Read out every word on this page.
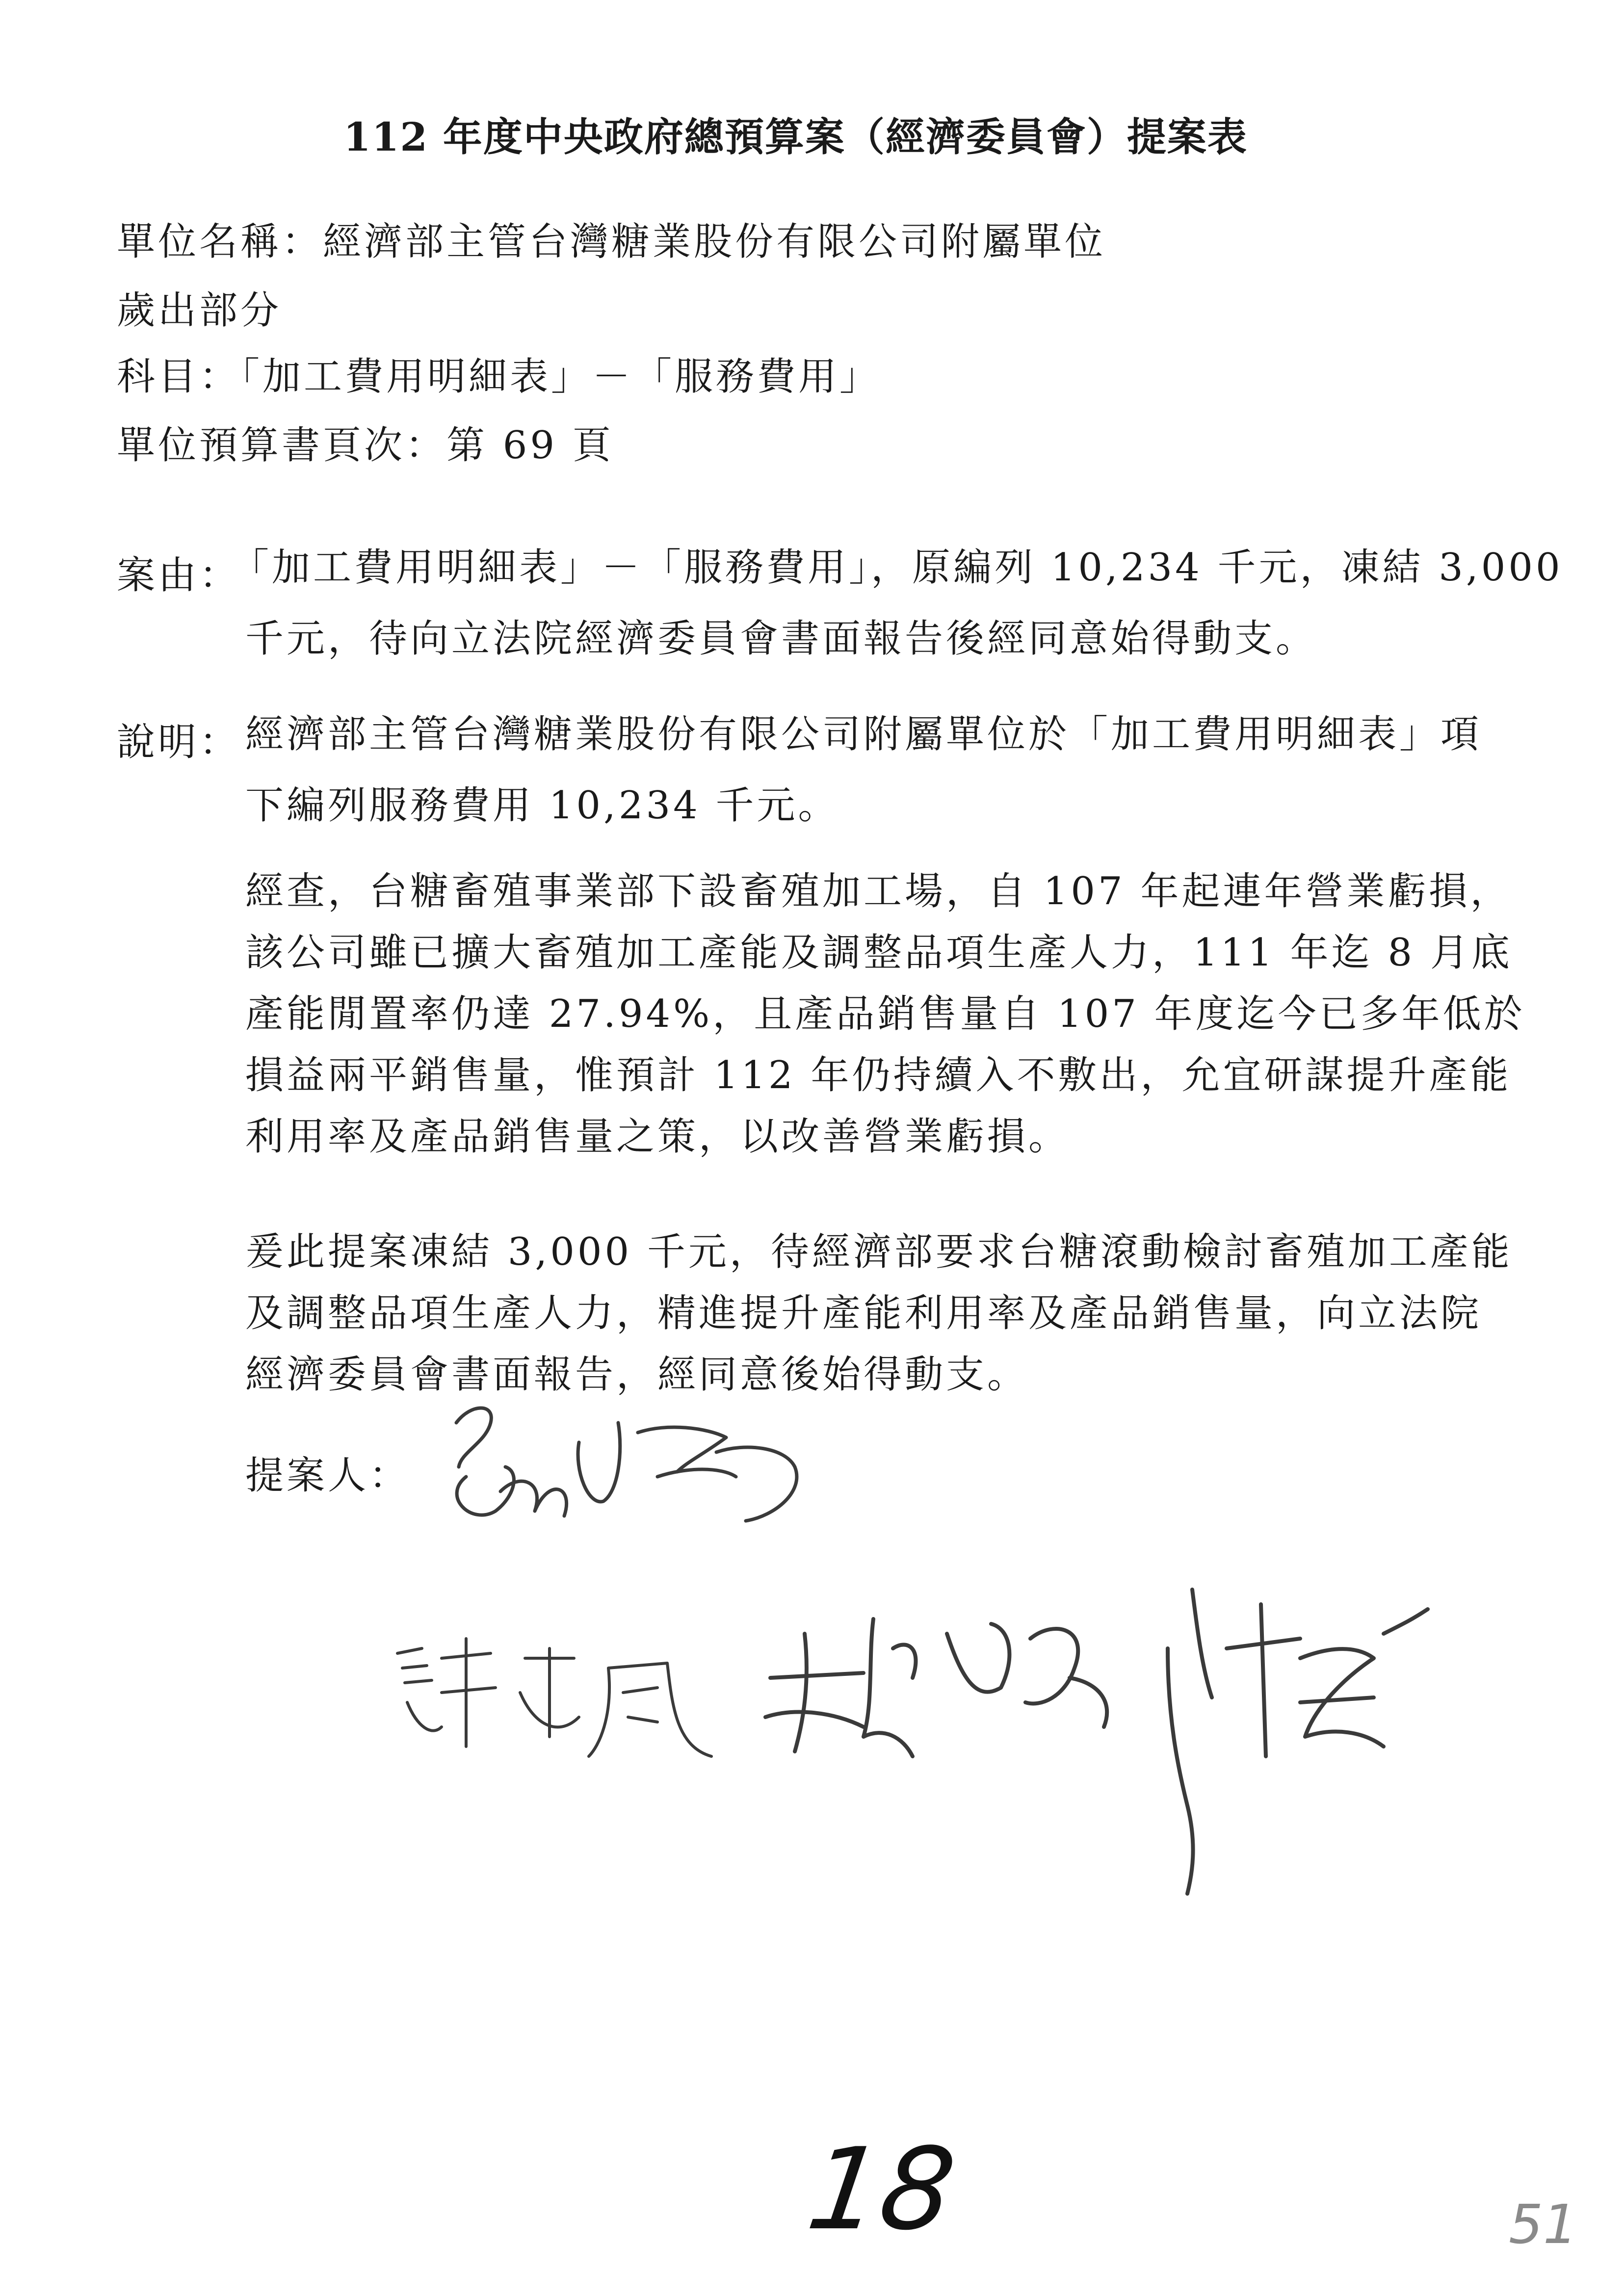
112 年度中央政府總預算案（經濟委員會）提案表
單位名稱：經濟部主管台灣糖業股份有限公司附屬單位
歲出部分
科目：「加工費用明細表」－「服務費用」
單位預算書頁次：第 69 頁
案由：
「加工費用明細表」－「服務費用」，原編列 10,234 千元，凍結 3,000
千元，待向立法院經濟委員會書面報告後經同意始得動支。
說明： 經濟部主管台灣糖業股份有限公司附屬單位於「加工費用明細表」項
下編列服務費用 10,234 千元。
經查，台糖畜殖事業部下設畜殖加工場，自 107 年起連年營業虧損，
該公司雖已擴大畜殖加工產能及調整品項生產人力，111 年迄 8 月底
產能閒置率仍達 27.94%，且產品銷售量自 107 年度迄今已多年低於
損益兩平銷售量，惟預計 112 年仍持續入不敷出，允宜研謀提升產能
利用率及產品銷售量之策，以改善營業虧損。
爰此提案凍結 3,000 千元，待經濟部要求台糖滾動檢討畜殖加工產能
及調整品項生產人力，精進提升產能利用率及產品銷售量，向立法院
經濟委員會書面報告，經同意後始得動支。
提案人：
18	51
